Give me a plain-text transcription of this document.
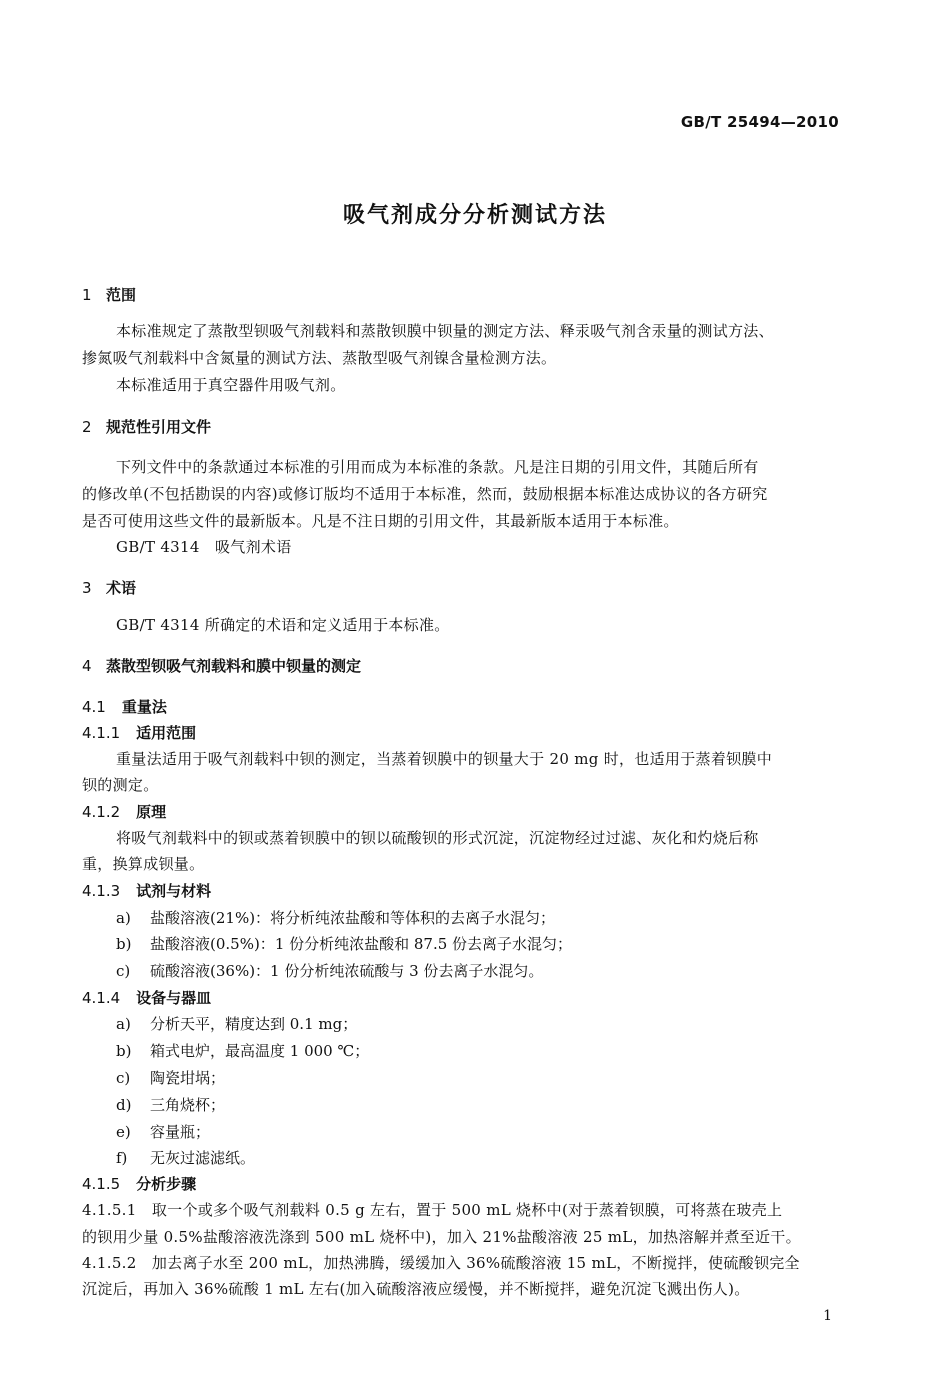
GB/T 25494—2010
吸气剂成分分析测试方法
1 范围
本标准规定了蒸散型钡吸气剂载料和蒸散钡膜中钡量的测定方法、释汞吸气剂含汞量的测试方法、
掺氮吸气剂载料中含氮量的测试方法、蒸散型吸气剂镍含量检测方法。
本标准适用于真空器件用吸气剂。
2 规范性引用文件
下列文件中的条款通过本标准的引用而成为本标准的条款。凡是注日期的引用文件，其随后所有
的修改单(不包括勘误的内容)或修订版均不适用于本标准，然而，鼓励根据本标准达成协议的各方研究
是否可使用这些文件的最新版本。凡是不注日期的引用文件，其最新版本适用于本标准。
GB/T 4314　吸气剂术语
3 术语
GB/T 4314 所确定的术语和定义适用于本标准。
4 蒸散型钡吸气剂载料和膜中钡量的测定
4.1 重量法
4.1.1 适用范围
重量法适用于吸气剂载料中钡的测定，当蒸着钡膜中的钡量大于 20 mg 时，也适用于蒸着钡膜中
钡的测定。
4.1.2 原理
将吸气剂载料中的钡或蒸着钡膜中的钡以硫酸钡的形式沉淀，沉淀物经过过滤、灰化和灼烧后称
重，换算成钡量。
4.1.3 试剂与材料
a) 盐酸溶液(21%)：将分析纯浓盐酸和等体积的去离子水混匀；
b) 盐酸溶液(0.5%)：1 份分析纯浓盐酸和 87.5 份去离子水混匀；
c) 硫酸溶液(36%)：1 份分析纯浓硫酸与 3 份去离子水混匀。
4.1.4 设备与器皿
a) 分析天平，精度达到 0.1 mg；
b) 箱式电炉，最高温度 1 000 ℃；
c) 陶瓷坩埚；
d) 三角烧杯；
e) 容量瓶；
f) 无灰过滤滤纸。
4.1.5 分析步骤
4.1.5.1　取一个或多个吸气剂载料 0.5 g 左右，置于 500 mL 烧杯中(对于蒸着钡膜，可将蒸在玻壳上
的钡用少量 0.5%盐酸溶液洗涤到 500 mL 烧杯中)，加入 21%盐酸溶液 25 mL，加热溶解并煮至近干。
4.1.5.2　加去离子水至 200 mL，加热沸腾，缓缓加入 36%硫酸溶液 15 mL，不断搅拌，使硫酸钡完全
沉淀后，再加入 36%硫酸 1 mL 左右(加入硫酸溶液应缓慢，并不断搅拌，避免沉淀飞溅出伤人)。
1
